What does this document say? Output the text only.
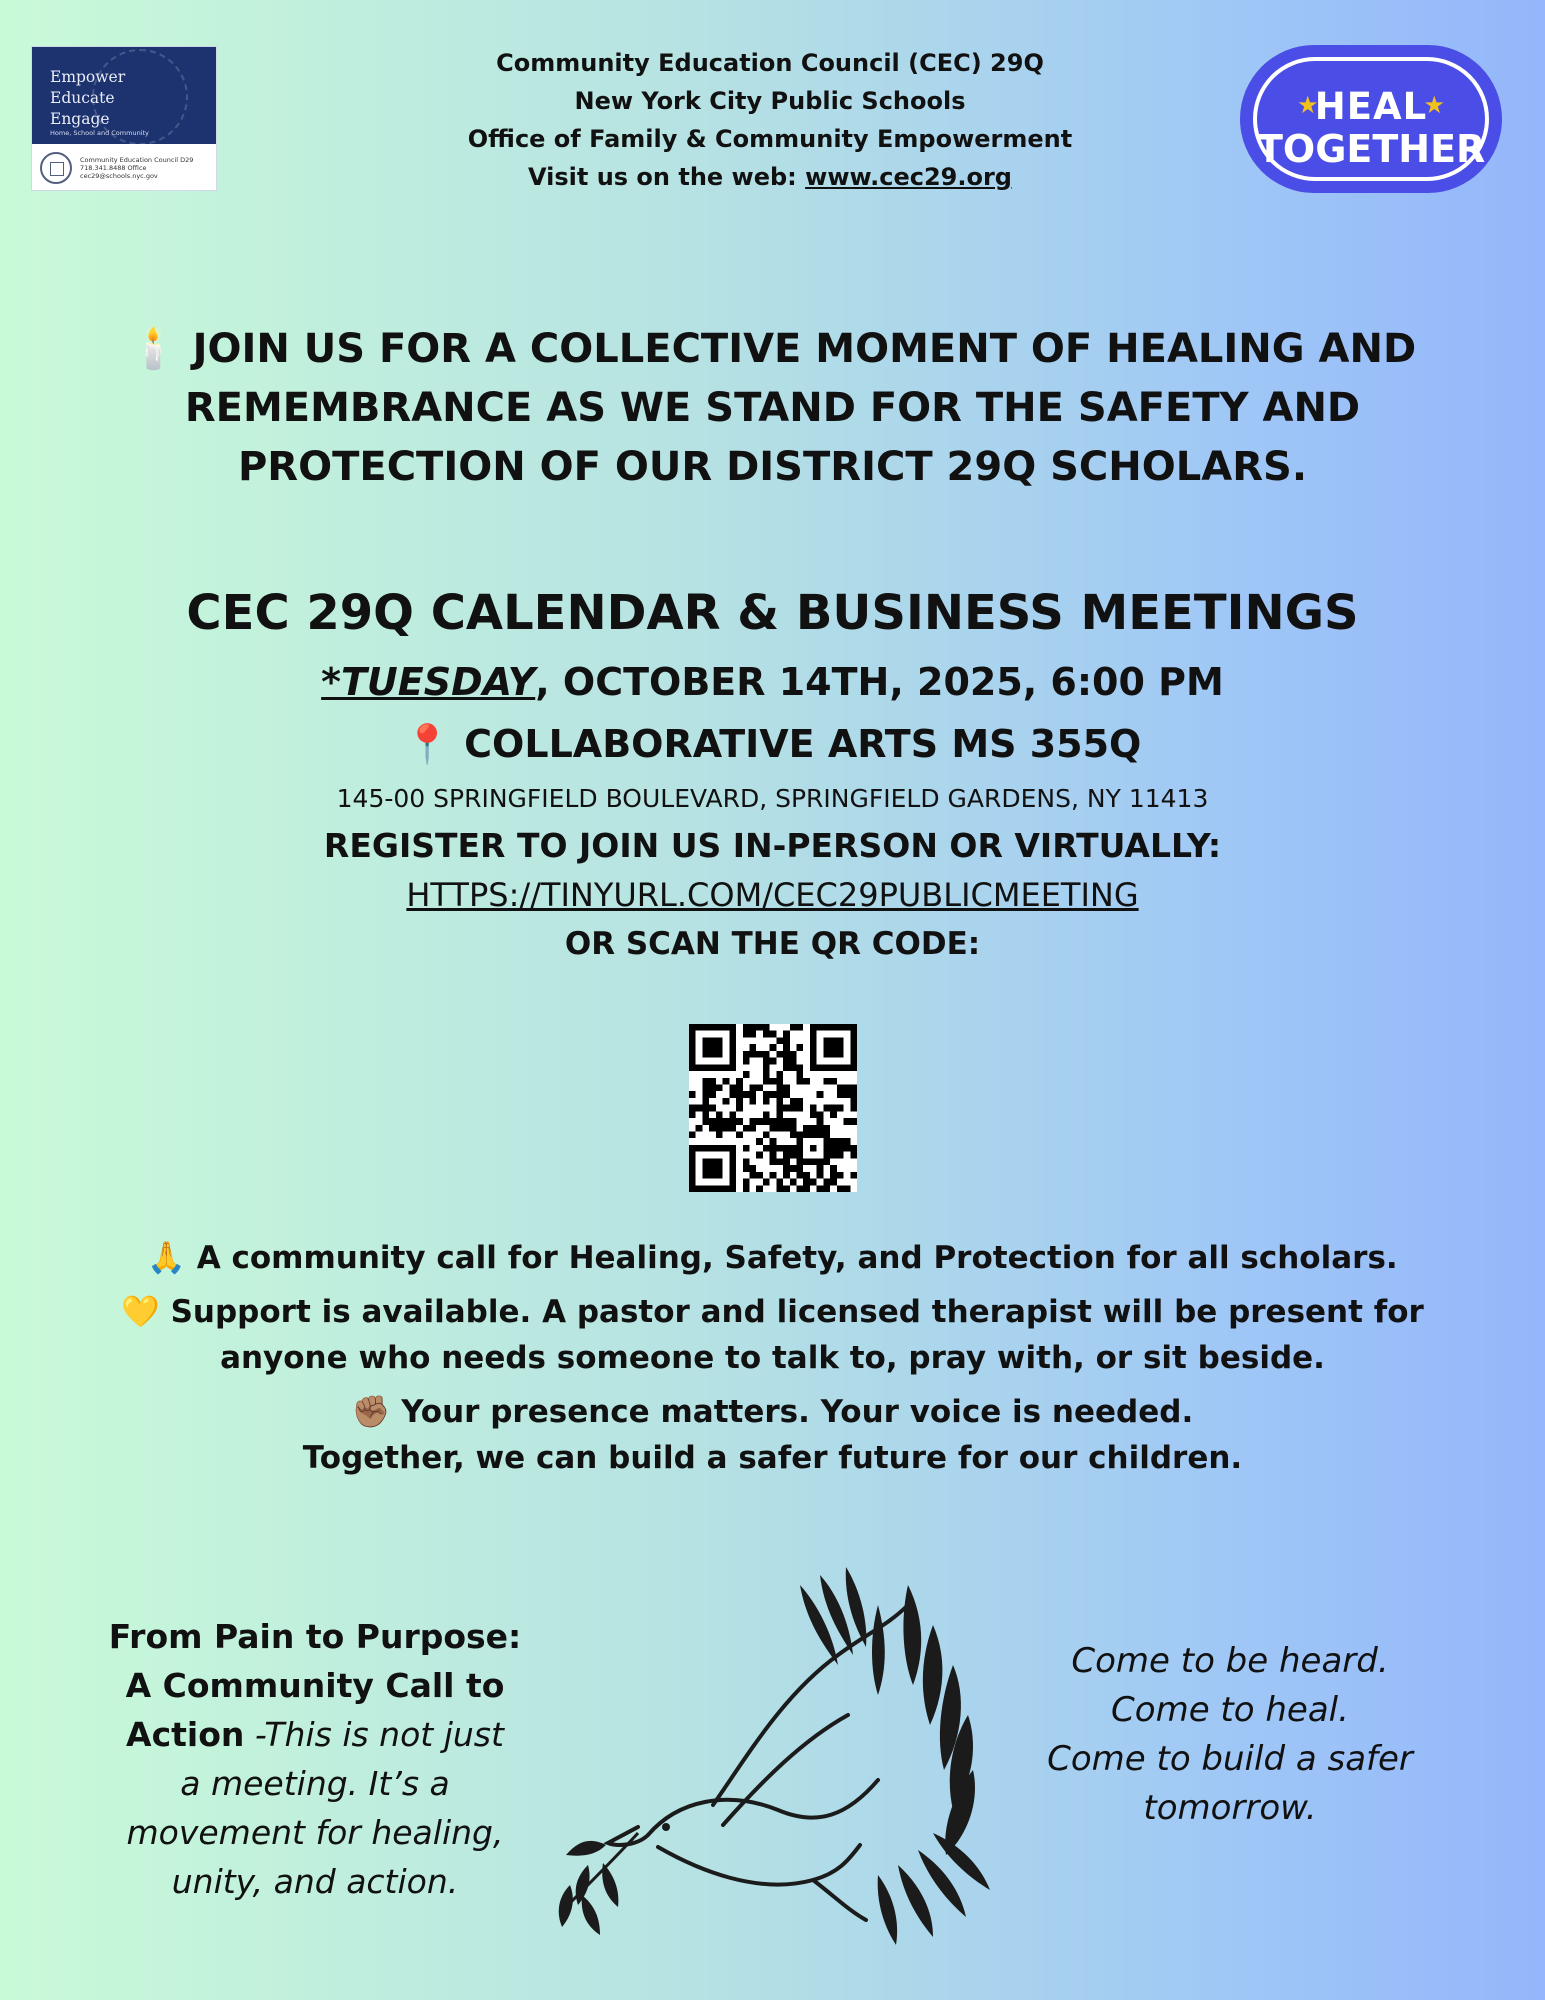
Empower
Educate
Engage
Home, School and Community
Community Education Council D29
718.341.8488 Office
cec29@schools.nyc.gov
Community Education Council (CEC) 29Q
New York City Public Schools
Office of Family & Community Empowerment
Visit us on the web: www.cec29.org
★	★
HEAL
TOGETHER
🕯️ JOIN US FOR A COLLECTIVE MOMENT OF HEALING AND
REMEMBRANCE AS WE STAND FOR THE SAFETY AND
PROTECTION OF OUR DISTRICT 29Q SCHOLARS.
CEC 29Q CALENDAR & BUSINESS MEETINGS
*TUESDAY, OCTOBER 14TH, 2025, 6:00 PM
📍 COLLABORATIVE ARTS MS 355Q
145-00 SPRINGFIELD BOULEVARD, SPRINGFIELD GARDENS, NY 11413
REGISTER TO JOIN US IN-PERSON OR VIRTUALLY:
HTTPS://TINYURL.COM/CEC29PUBLICMEETING
OR SCAN THE QR CODE:

🙏 A community call for Healing, Safety, and Protection for all scholars.

💛 Support is available. A pastor and licensed therapist will be present for

anyone who needs someone to talk to, pray with, or sit beside.

✊🏽 Your presence matters. Your voice is needed.

Together, we can build a safer future for our children.

From Pain to Purpose:
A Community Call to
Action -This is not just
a meeting. It’s a
movement for healing,
unity, and action.
Come to be heard.
Come to heal.
Come to build a safer
tomorrow.
